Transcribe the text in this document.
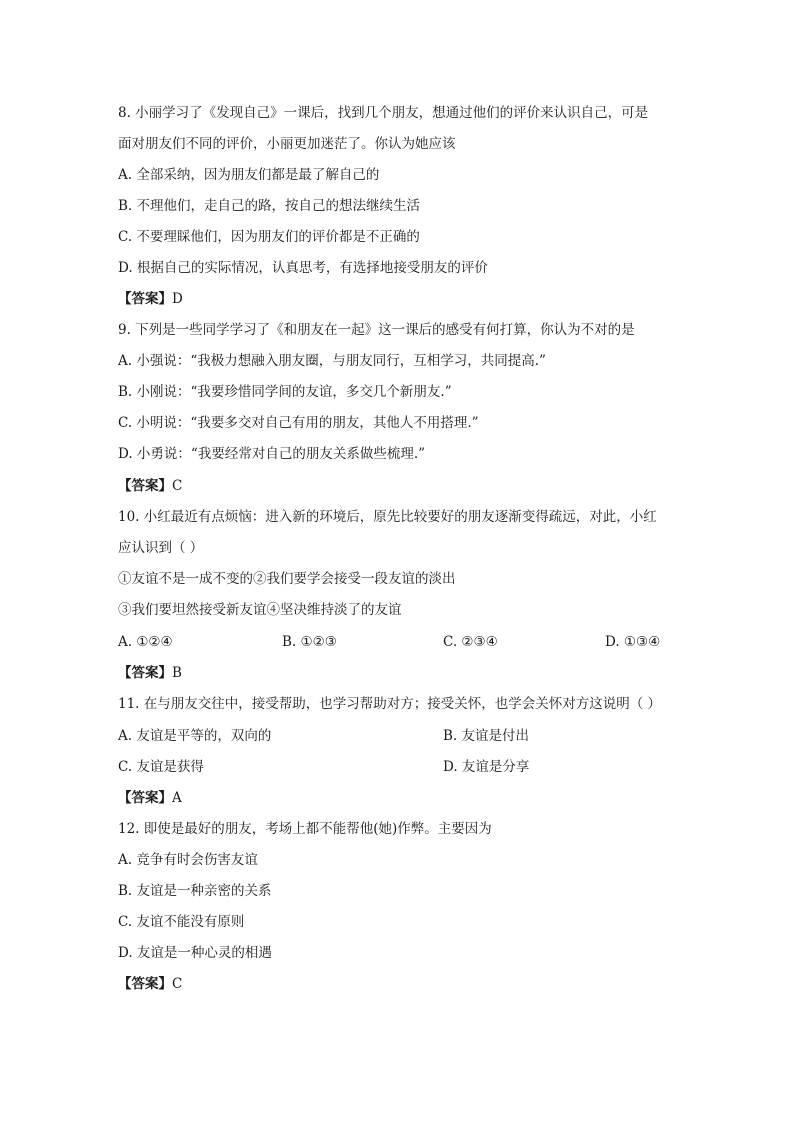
8. 小丽学习了《发现自己》一课后，找到几个朋友，想通过他们的评价来认识自己，可是
面对朋友们不同的评价，小丽更加迷茫了。你认为她应该
A. 全部采纳，因为朋友们都是最了解自己的
B. 不理他们，走自己的路，按自己的想法继续生活
C. 不要理睬他们，因为朋友们的评价都是不正确的
D. 根据自己的实际情况，认真思考，有选择地接受朋友的评价
【答案】D
9. 下列是一些同学学习了《和朋友在一起》这一课后的感受有何打算，你认为不对的是
A. 小强说：“我极力想融入朋友圈，与朋友同行，互相学习，共同提高.”
B. 小刚说：“我要珍惜同学间的友谊，多交几个新朋友.”
C. 小明说：“我要多交对自己有用的朋友，其他人不用搭理.”
D. 小勇说：“我要经常对自己的朋友关系做些梳理.”
【答案】C
10. 小红最近有点烦恼：进入新的环境后，原先比较要好的朋友逐渐变得疏远，对此，小红
应认识到（ ）
①友谊不是一成不变的②我们要学会接受一段友谊的淡出
③我们要坦然接受新友谊④坚决维持淡了的友谊
A. ①②④	B. ①②③	C. ②③④	D. ①③④
【答案】B
11. 在与朋友交往中，接受帮助，也学习帮助对方；接受关怀，也学会关怀对方这说明（ ）
A. 友谊是平等的，双向的	B. 友谊是付出
C. 友谊是获得	D. 友谊是分享
【答案】A
12. 即使是最好的朋友，考场上都不能帮他(她)作弊。主要因为
A. 竞争有时会伤害友谊
B. 友谊是一种亲密的关系
C. 友谊不能没有原则
D. 友谊是一种心灵的相遇
【答案】C
